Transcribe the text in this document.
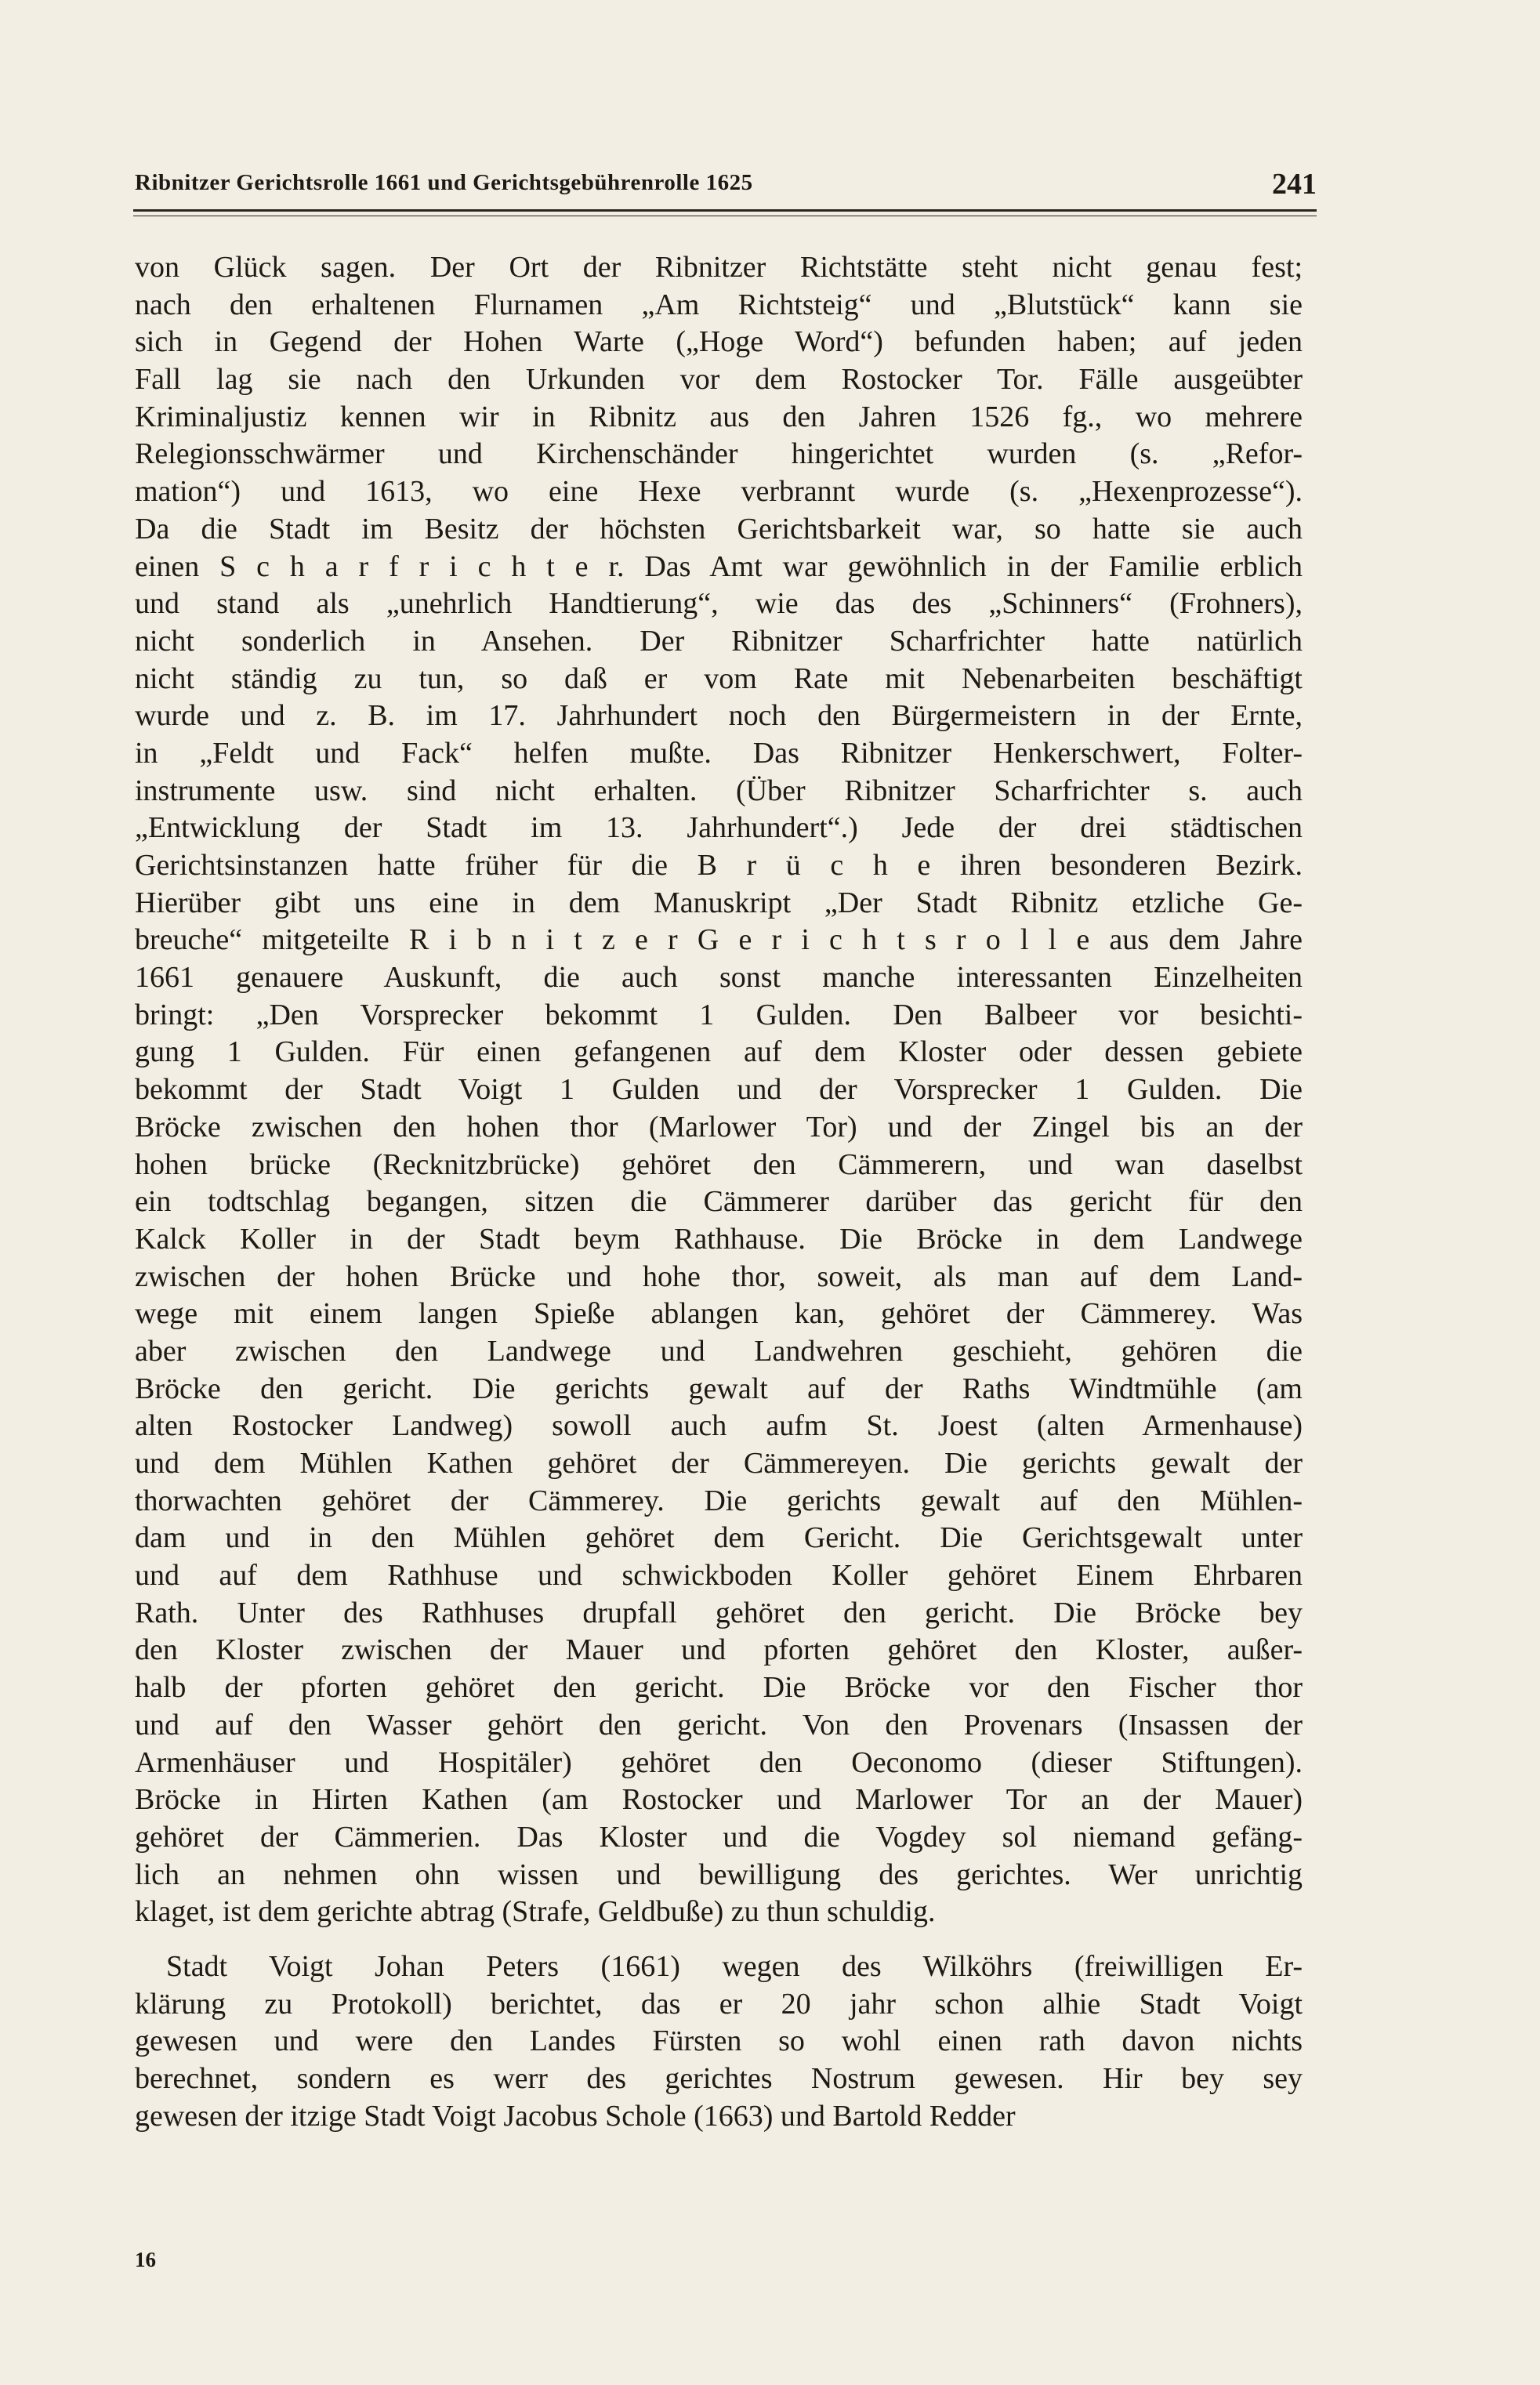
Ribnitzer Gerichtsrolle 1661 und Gerichtsgebührenrolle 1625	241
von Glück sagen. Der Ort der Ribnitzer Richtstätte steht nicht genau fest;
nach den erhaltenen Flurnamen „Am Richtsteig“ und „Blutstück“ kann sie
sich in Gegend der Hohen Warte („Hoge Word“) befunden haben; auf jeden
Fall lag sie nach den Urkunden vor dem Rostocker Tor. Fälle ausgeübter
Kriminaljustiz kennen wir in Ribnitz aus den Jahren 1526 fg., wo mehrere
Relegionsschwärmer und Kirchenschänder hingerichtet wurden (s. „Refor-
mation“) und 1613, wo eine Hexe verbrannt wurde (s. „Hexenprozesse“).
Da die Stadt im Besitz der höchsten Gerichtsbarkeit war, so hatte sie auch
einen S c h a r f r i c h t e r. Das Amt war gewöhnlich in der Familie erblich
und stand als „unehrlich Handtierung“, wie das des „Schinners“ (Frohners),
nicht sonderlich in Ansehen. Der Ribnitzer Scharfrichter hatte natürlich
nicht ständig zu tun, so daß er vom Rate mit Nebenarbeiten beschäftigt
wurde und z. B. im 17. Jahrhundert noch den Bürgermeistern in der Ernte,
in „Feldt und Fack“ helfen mußte. Das Ribnitzer Henkerschwert, Folter-
instrumente usw. sind nicht erhalten. (Über Ribnitzer Scharfrichter s. auch
„Entwicklung der Stadt im 13. Jahrhundert“.) Jede der drei städtischen
Gerichtsinstanzen hatte früher für die B r ü c h e ihren besonderen Bezirk.
Hierüber gibt uns eine in dem Manuskript „Der Stadt Ribnitz etzliche Ge-
breuche“ mitgeteilte R i b n i t z e r G e r i c h t s r o l l e aus dem Jahre
1661 genauere Auskunft, die auch sonst manche interessanten Einzelheiten
bringt: „Den Vorsprecker bekommt 1 Gulden. Den Balbeer vor besichti-
gung 1 Gulden. Für einen gefangenen auf dem Kloster oder dessen gebiete
bekommt der Stadt Voigt 1 Gulden und der Vorsprecker 1 Gulden. Die
Bröcke zwischen den hohen thor (Marlower Tor) und der Zingel bis an der
hohen brücke (Recknitzbrücke) gehöret den Cämmerern, und wan daselbst
ein todtschlag begangen, sitzen die Cämmerer darüber das gericht für den
Kalck Koller in der Stadt beym Rathhause. Die Bröcke in dem Landwege
zwischen der hohen Brücke und hohe thor, soweit, als man auf dem Land-
wege mit einem langen Spieße ablangen kan, gehöret der Cämmerey. Was
aber zwischen den Landwege und Landwehren geschieht, gehören die
Bröcke den gericht. Die gerichts gewalt auf der Raths Windtmühle (am
alten Rostocker Landweg) sowoll auch aufm St. Joest (alten Armenhause)
und dem Mühlen Kathen gehöret der Cämmereyen. Die gerichts gewalt der
thorwachten gehöret der Cämmerey. Die gerichts gewalt auf den Mühlen-
dam und in den Mühlen gehöret dem Gericht. Die Gerichtsgewalt unter
und auf dem Rathhuse und schwickboden Koller gehöret Einem Ehrbaren
Rath. Unter des Rathhuses drupfall gehöret den gericht. Die Bröcke bey
den Kloster zwischen der Mauer und pforten gehöret den Kloster, außer-
halb der pforten gehöret den gericht. Die Bröcke vor den Fischer thor
und auf den Wasser gehört den gericht. Von den Provenars (Insassen der
Armenhäuser und Hospitäler) gehöret den Oeconomo (dieser Stiftungen).
Bröcke in Hirten Kathen (am Rostocker und Marlower Tor an der Mauer)
gehöret der Cämmerien. Das Kloster und die Vogdey sol niemand gefäng-
lich an nehmen ohn wissen und bewilligung des gerichtes. Wer unrichtig
klaget, ist dem gerichte abtrag (Strafe, Geldbuße) zu thun schuldig.
Stadt Voigt Johan Peters (1661) wegen des Wilköhrs (freiwilligen Er-
klärung zu Protokoll) berichtet, das er 20 jahr schon alhie Stadt Voigt
gewesen und were den Landes Fürsten so wohl einen rath davon nichts
berechnet, sondern es werr des gerichtes Nostrum gewesen. Hir bey sey
gewesen der itzige Stadt Voigt Jacobus Schole (1663) und Bartold Redder
16
